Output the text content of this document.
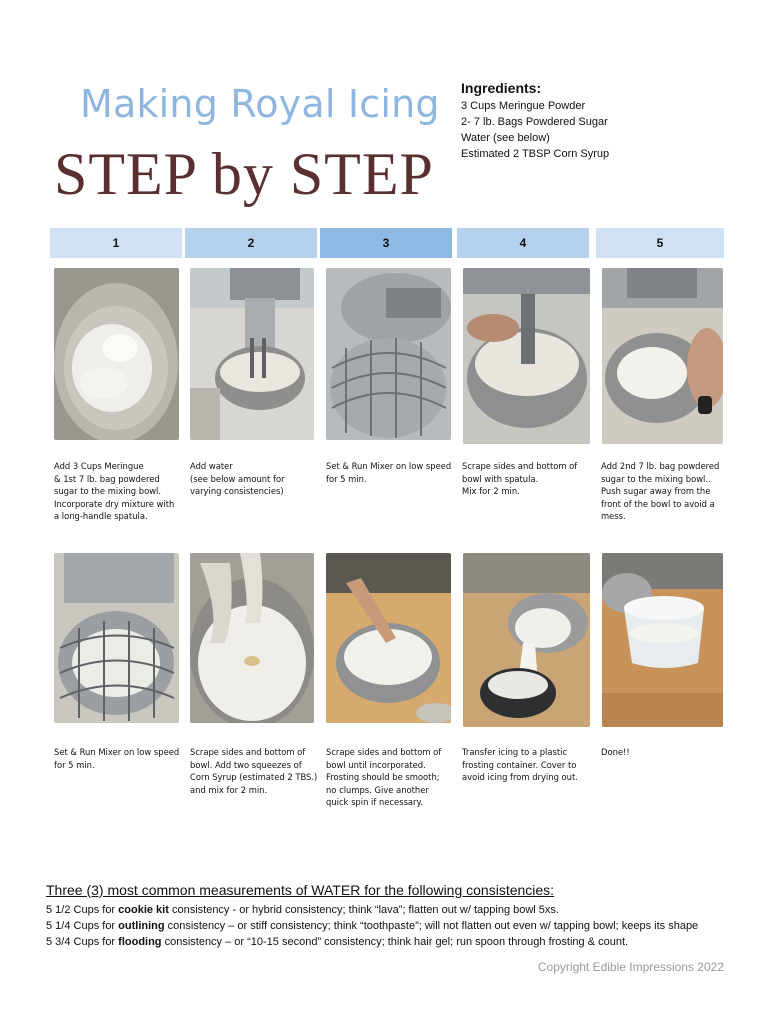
Making Royal Icing
STEP by STEP
Ingredients:
3 Cups Meringue Powder
2- 7 lb. Bags Powdered Sugar
Water (see below)
Estimated 2 TBSP Corn Syrup
1	2	3	4	5
Add 3 Cups Meringue
& 1st 7 lb. bag powdered
sugar to the mixing bowl.
Incorporate dry mixture with
a long-handle spatula.
Add water
(see below amount for
varying consistencies)
Set & Run Mixer on low speed
for 5 min.
Scrape sides and bottom of
bowl with spatula.
Mix for 2 min.
Add 2nd 7 lb. bag powdered
sugar to the mixing bowl..
Push sugar away from the
front of the bowl to avoid a
mess.
Set & Run Mixer on low speed
for 5 min.
Scrape sides and bottom of
bowl. Add two squeezes of
Corn Syrup (estimated 2 TBS.)
and mix for 2 min.
Scrape sides and bottom of
bowl until incorporated.
Frosting should be smooth;
no clumps. Give another
quick spin if necessary.
Transfer icing to a plastic
frosting container. Cover to
avoid icing from drying out.
Done!!
Three (3) most common measurements of WATER for the following consistencies:
5 1/2 Cups for cookie kit consistency - or hybrid consistency; think “lava”; flatten out w/ tapping bowl 5xs.
5 1/4 Cups for outlining consistency – or stiff consistency; think “toothpaste”; will not flatten out even w/ tapping bowl; keeps its shape
5 3/4 Cups for flooding consistency – or “10-15 second” consistency; think hair gel; run spoon through frosting & count.
Copyright Edible Impressions 2022
